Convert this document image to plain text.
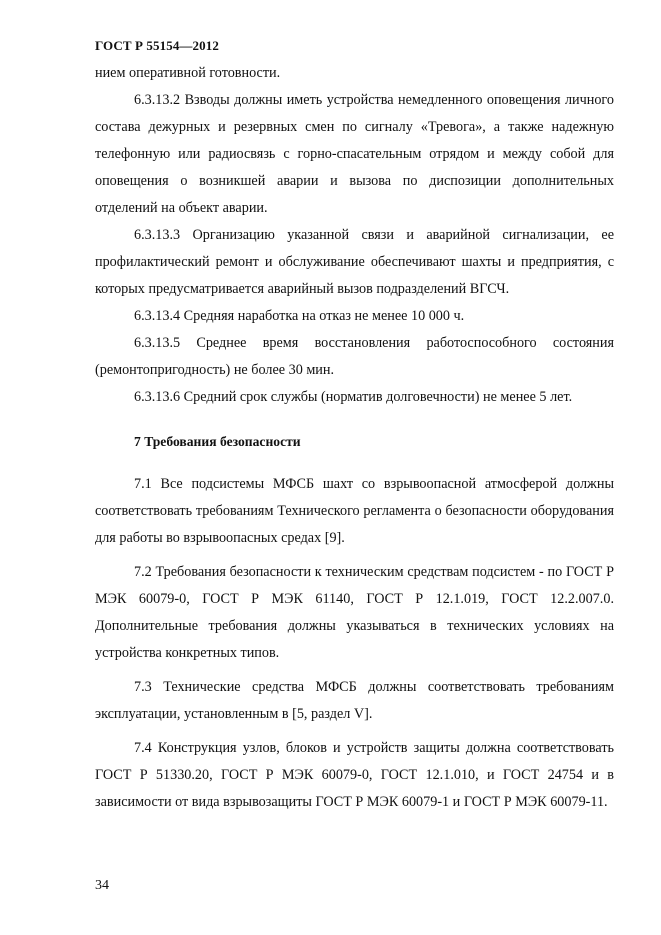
ГОСТ Р 55154—2012

нием оперативной готовности.

6.3.13.2 Взводы должны иметь устройства немедленного оповещения личного состава дежурных и резервных смен по сигналу «Тревога», а также надежную телефонную или радиосвязь с горно-спасательным отрядом и между собой для оповещения о возникшей аварии и вызова по диспозиции дополнительных отделений на объект аварии.

6.3.13.3 Организацию указанной связи и аварийной сигнализации, ее профилактический ремонт и обслуживание обеспечивают шахты и предприятия, с которых предусматривается аварийный вызов подразделений ВГСЧ.

6.3.13.4 Средняя наработка на отказ не менее 10 000 ч.

6.3.13.5 Среднее время восстановления работоспособного состояния (ремонтопригодность) не более 30 мин.

6.3.13.6 Средний срок службы (норматив долговечности) не менее 5 лет.

7 Требования безопасности

7.1 Все подсистемы МФСБ шахт со взрывоопасной атмосферой должны соответствовать требованиям Технического регламента о безопасности оборудования для работы во взрывоопасных средах [9].

7.2 Требования безопасности к техническим средствам подсистем - по ГОСТ Р МЭК 60079-0, ГОСТ Р МЭК 61140, ГОСТ Р 12.1.019, ГОСТ 12.2.007.0. Дополнительные требования должны указываться в технических условиях на устройства конкретных типов.

7.3 Технические средства МФСБ должны соответствовать требованиям эксплуатации, установленным в [5, раздел V].

7.4 Конструкция узлов, блоков и устройств защиты должна соответствовать ГОСТ Р 51330.20, ГОСТ Р МЭК 60079-0, ГОСТ 12.1.010, и ГОСТ 24754 и в зависимости от вида взрывозащиты ГОСТ Р МЭК 60079-1 и ГОСТ Р МЭК 60079-11.

34
